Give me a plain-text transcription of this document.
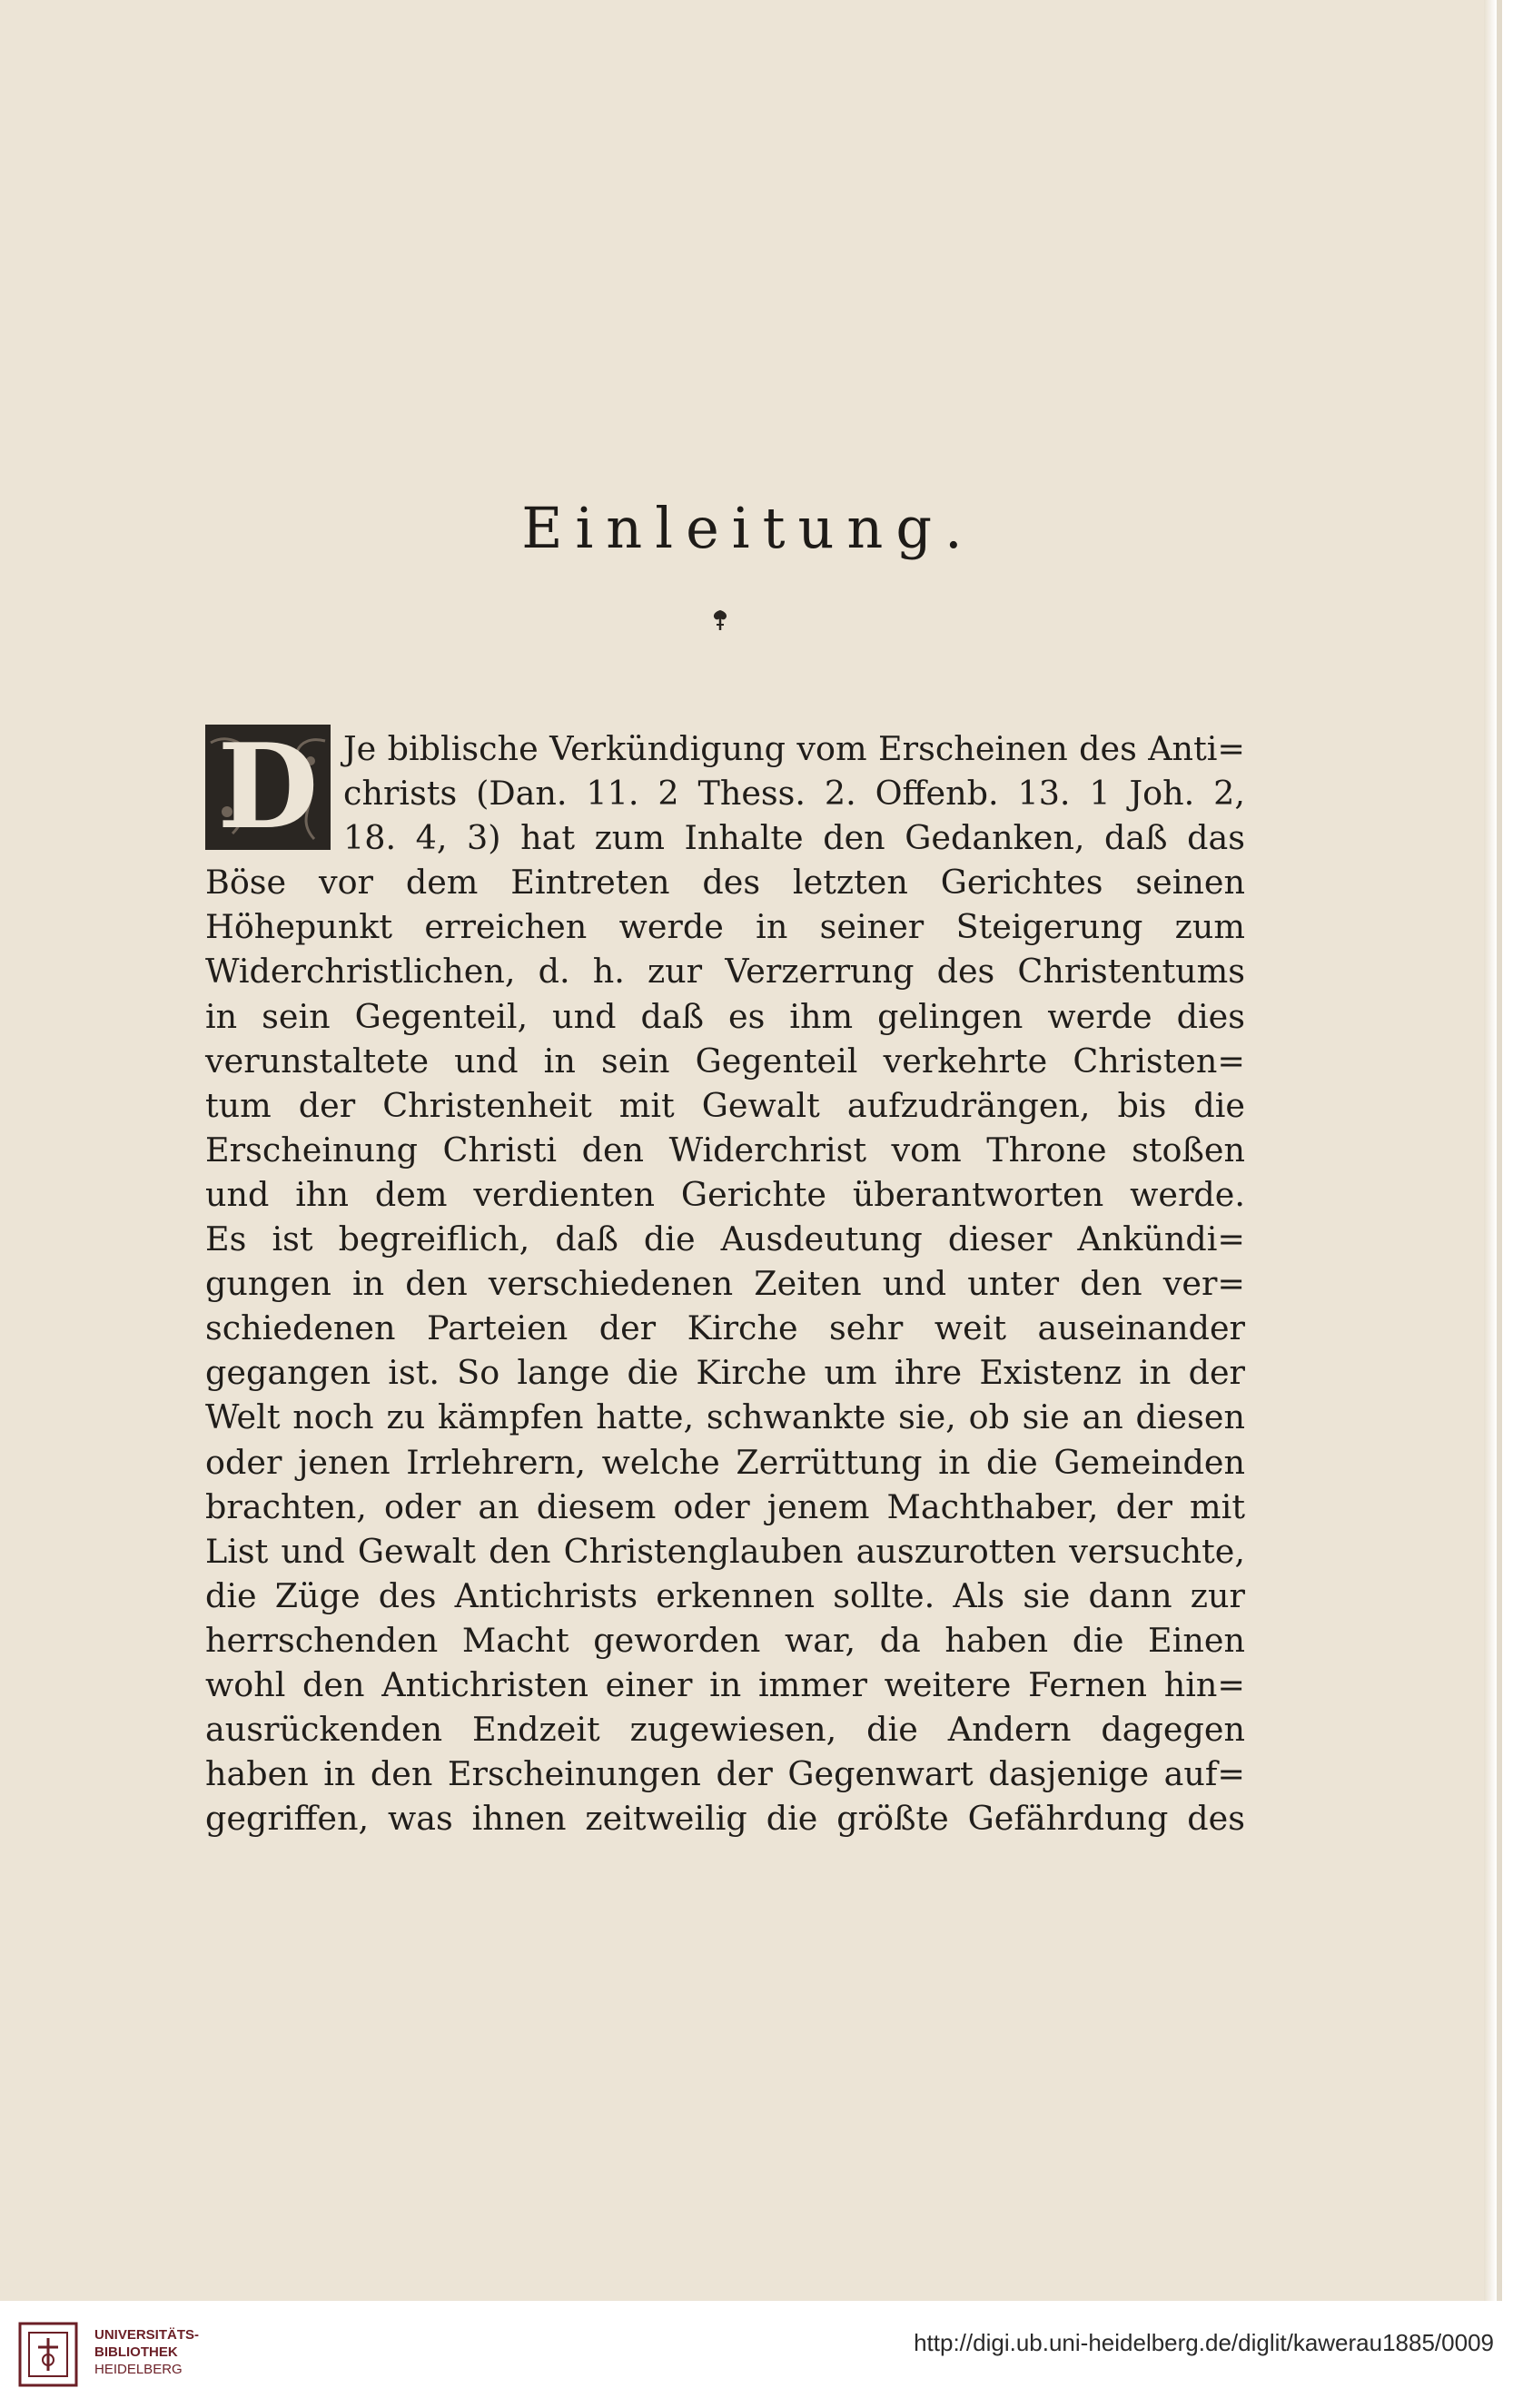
Einleitung.
D Je biblische Verkündigung vom Erscheinen des Anti=
christs (Dan. 11. 2 Thess. 2. Offenb. 13. 1 Joh. 2,
18. 4, 3) hat zum Inhalte den Gedanken, daß das
Böse vor dem Eintreten des letzten Gerichtes seinen
Höhepunkt erreichen werde in seiner Steigerung zum
Widerchristlichen, d. h. zur Verzerrung des Christentums
in sein Gegenteil, und daß es ihm gelingen werde dies
verunstaltete und in sein Gegenteil verkehrte Christen=
tum der Christenheit mit Gewalt aufzudrängen, bis die
Erscheinung Christi den Widerchrist vom Throne stoßen
und ihn dem verdienten Gerichte überantworten werde.
Es ist begreiflich, daß die Ausdeutung dieser Ankündi=
gungen in den verschiedenen Zeiten und unter den ver=
schiedenen Parteien der Kirche sehr weit auseinander
gegangen ist. So lange die Kirche um ihre Existenz in der
Welt noch zu kämpfen hatte, schwankte sie, ob sie an diesen
oder jenen Irrlehrern, welche Zerrüttung in die Gemeinden
brachten, oder an diesem oder jenem Machthaber, der mit
List und Gewalt den Christenglauben auszurotten versuchte,
die Züge des Antichrists erkennen sollte. Als sie dann zur
herrschenden Macht geworden war, da haben die Einen
wohl den Antichristen einer in immer weitere Fernen hin=
ausrückenden Endzeit zugewiesen, die Andern dagegen
haben in den Erscheinungen der Gegenwart dasjenige auf=
gegriffen, was ihnen zeitweilig die größte Gefährdung des
UNIVERSITÄTS-
BIBLIOTHEK
HEIDELBERG
http://digi.ub.uni-heidelberg.de/diglit/kawerau1885/0009
